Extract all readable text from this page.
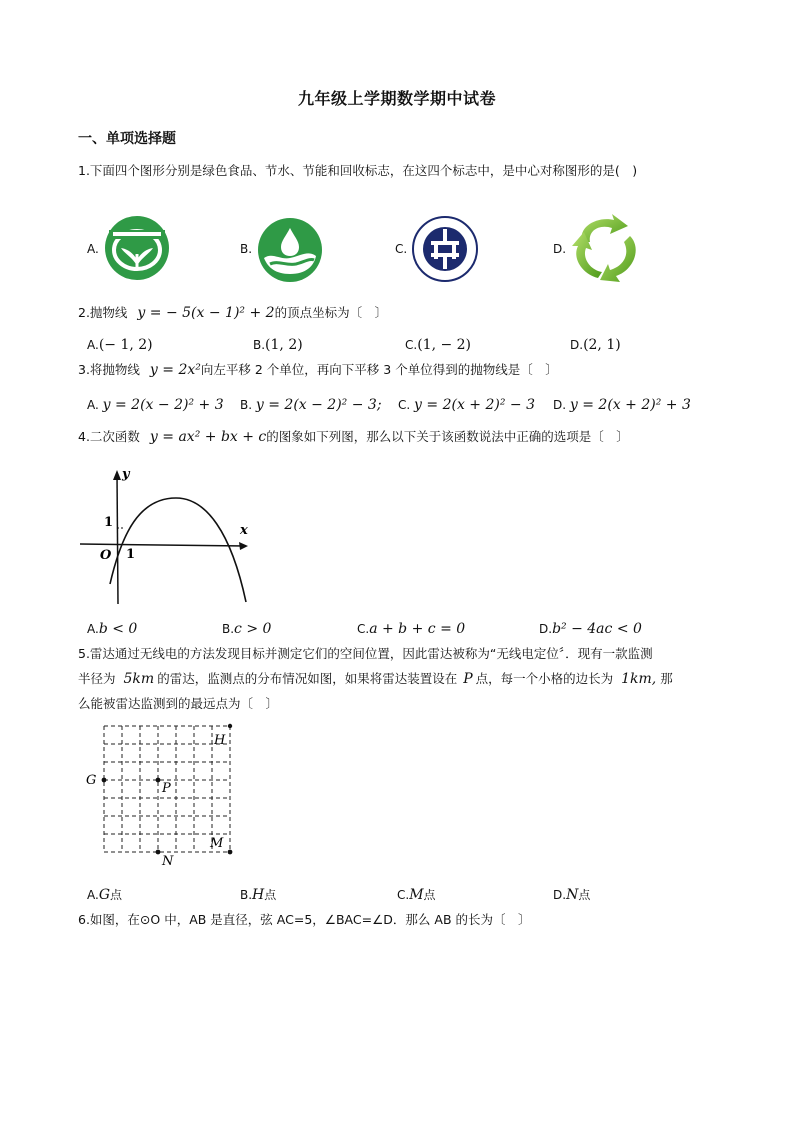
九年级上学期数学期中试卷
一、单项选择题
1.下面四个图形分别是绿色食品、节水、节能和回收标志，在这四个标志中，是中心对称图形的是(　)
A.	B.	C.	D.
2.抛物线 y = − 5(x − 1)² + 2的顶点坐标为〔　〕
A.(− 1, 2)	B.(1, 2)	C.(1, − 2)	D.(2, 1)
3.将抛物线 y = 2x²向左平移 2 个单位，再向下平移 3 个单位得到的抛物线是〔　〕
A. y = 2(x − 2)² + 3 B. y = 2(x − 2)² − 3; C. y = 2(x + 2)² − 3 D. y = 2(x + 2)² + 3
4.二次函数 y = ax² + bx + c的图象如下列图，那么以下关于该函数说法中正确的选项是〔　〕
y
x
O 1
1
A.b < 0	B.c > 0	C.a + b + c = 0	D.b² − 4ac < 0
5.雷达通过无线电的方法发现目标并测定它们的空间位置，因此雷达被称为“无线电定位〞．现有一款监测
半径为 5km 的雷达，监测点的分布情况如图，如果将雷达装置设在 P 点，每一个小格的边长为 1km, 那
么能被雷达监测到的最远点为〔　〕
G
H
P
M
N
A.G点	B.H点	C.M点	D.N点
6.如图，在⊙O 中，AB 是直径，弦 AC=5，∠BAC=∠D．那么 AB 的长为〔　〕
